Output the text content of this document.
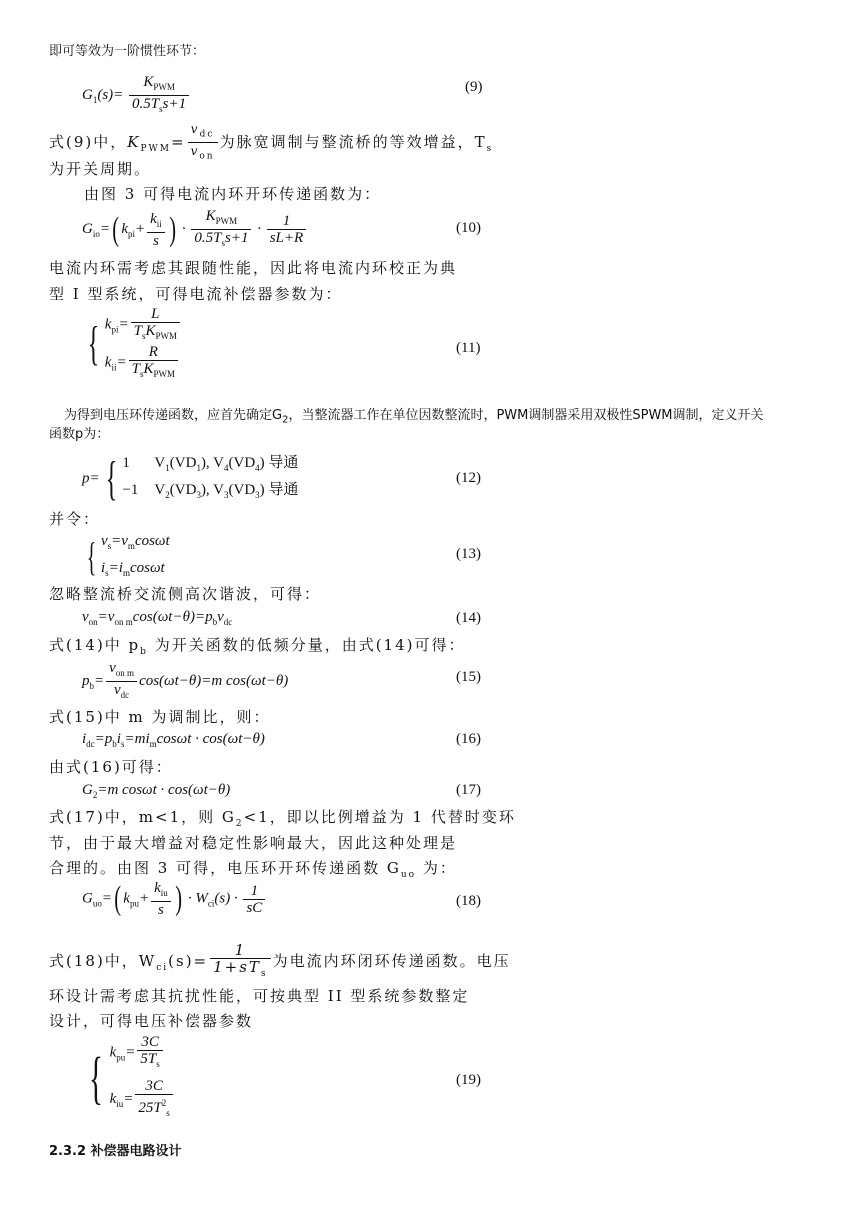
即可等效为一阶惯性环节：
$G_1(s)= \frac{K_{PWM}}{0.5T_ss+1}$	(9)
式(9)中，$K_{PWM}= \frac{v_{dc}}{v_{on}}$ 为脉宽调制与整流桥的等效增益，$T_s$
为开关周期。
由图 3 可得电流内环开环传递函数为：
$G_{io}=$( $k_{pi}+ \frac{k_{ii}}{s}$ ) · $\frac{K_{PWM}}{0.5T_ss+1} \cdot \frac{1}{sL+R}$	(10)
电流内环需考虑其跟随性能，因此将电流内环校正为典
型 I 型系统，可得电流补偿器参数为：
{ $k_{pi}= \frac{L}{T_sK_{PWM}}$
$k_{ii}= \frac{R}{T_sK_{PWM}}$	(11)
为得到电压环传递函数，应首先确定$G_2$，当整流器工作在单位因数整流时，PWM调制器采用双极性SPWM调制，定义开关
函数p为：
p= { 1 $V_1(VD_1)$, $V_4(VD_4)$ 导通
−1 $V_2(VD_3)$, $V_3(VD_3)$ 导通
(12)
并令：
{ $v_s=v_m\cos\omega t$
$i_s=i_m\cos\omega t$
(13)
忽略整流桥交流侧高次谐波，可得：
$v_{on}=v_{on m}\cos(\omega t-\theta)=p_bv_{dc}$	(14)
式(14)中 $p_b$ 为开关函数的低频分量，由式(14)可得：
$p_b= \frac{v_{on m}}{v_{dc}} \cos(\omega t-\theta)=m$ cos(ωt−θ)	(15)
式(15)中 m 为调制比，则：
$i_{dc}=p_bi_s=mi_m\cos\omega t \cdot \cos(\omega t-\theta)$	(16)
由式(16)可得：
$G_2=m$ cosωt · cos(ωt−θ)	(17)
式(17)中，m<1，则 $G_2<1$，即以比例增益为 1 代替时变环
节，由于最大增益对稳定性影响最大，因此这种处理是
合理的。由图 3 可得，电压环开环传递函数 $G_{uo}$ 为：
$G_{uo}=$( $k_{pu}+ \frac{k_{iu}}{s}$ ) · $W_{ci}(s) \cdot \frac{1}{sC}$	(18)
式(18)中，$W_{ci}(s)= \frac{1}{1+sT_s}$ 为电流内环闭环传递函数。电压
环设计需考虑其抗扰性能，可按典型 II 型系统参数整定
设计，可得电压补偿器参数
{ $k_{pu}= \frac{3C}{5T_s}$
$k_{iu}= \frac{3C}{25T^2_s}$	(19)
2.3.2 补偿器电路设计
